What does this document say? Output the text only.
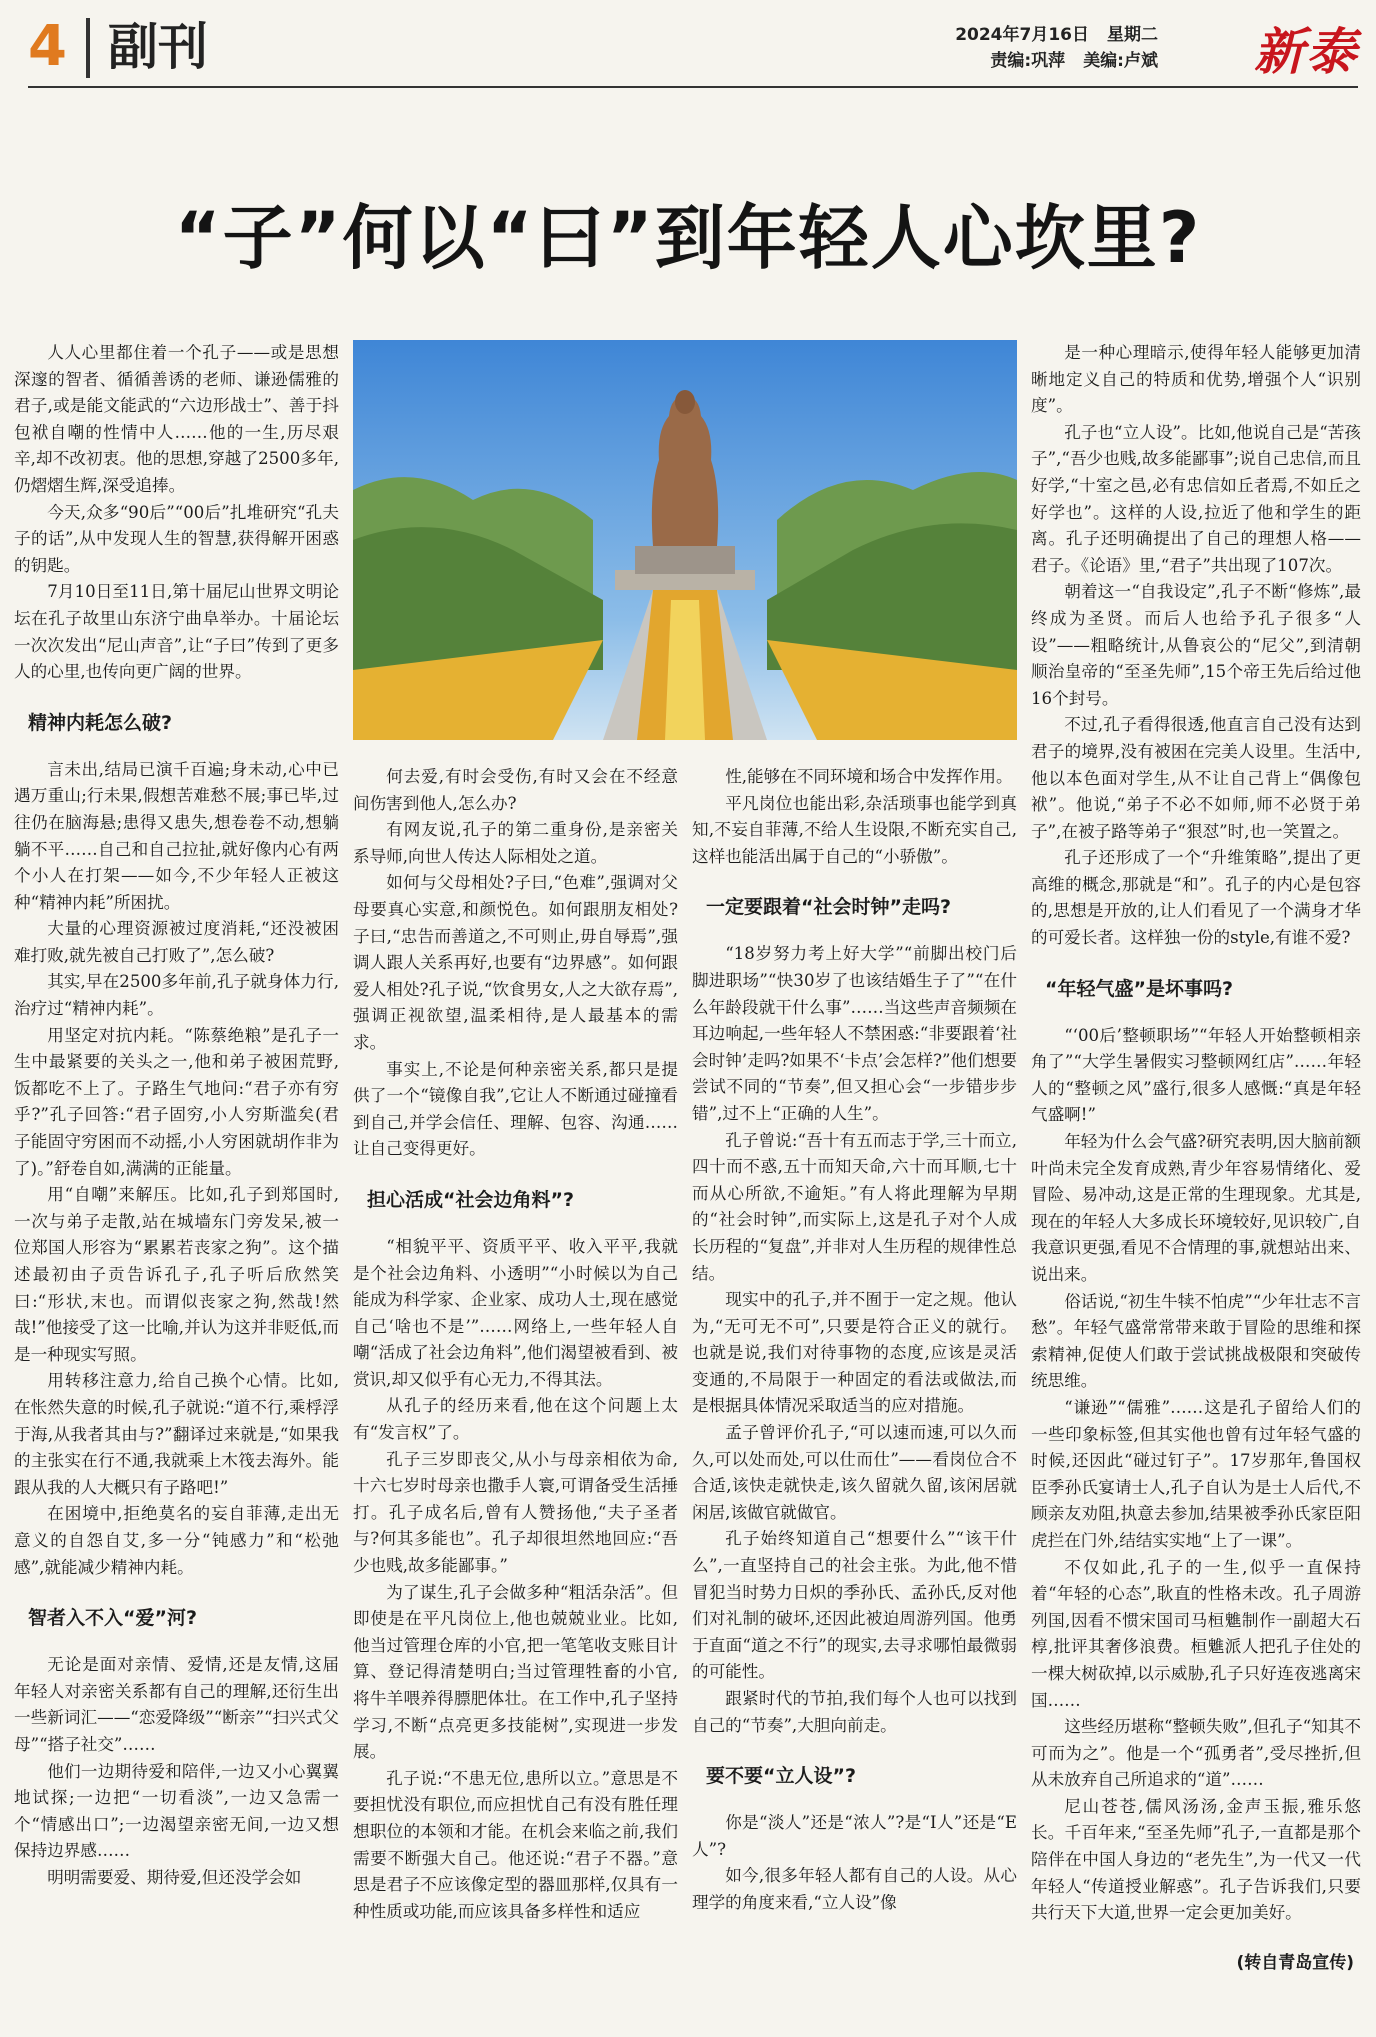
4 副刊	2024年7月16日 星期二
责编:巩萍 美编:卢斌 新泰
“子”何以“曰”到年轻人心坎里?

人人心里都住着一个孔子——或是思想深邃的智者、循循善诱的老师、谦逊儒雅的君子,或是能文能武的“六边形战士”、善于抖包袱自嘲的性情中人……他的一生,历尽艰辛,却不改初衷。他的思想,穿越了2500多年,仍熠熠生辉,深受追捧。

今天,众多“90后”“00后”扎堆研究“孔夫子的话”,从中发现人生的智慧,获得解开困惑的钥匙。

7月10日至11日,第十届尼山世界文明论坛在孔子故里山东济宁曲阜举办。十届论坛一次次发出“尼山声音”,让“子曰”传到了更多人的心里,也传向更广阔的世界。

精神内耗怎么破?

言未出,结局已演千百遍;身未动,心中已遇万重山;行未果,假想苦难愁不展;事已毕,过往仍在脑海悬;患得又患失,想卷卷不动,想躺躺不平……自己和自己拉扯,就好像内心有两个小人在打架——如今,不少年轻人正被这种“精神内耗”所困扰。

大量的心理资源被过度消耗,“还没被困难打败,就先被自己打败了”,怎么破?

其实,早在2500多年前,孔子就身体力行,治疗过“精神内耗”。

用坚定对抗内耗。“陈蔡绝粮”是孔子一生中最紧要的关头之一,他和弟子被困荒野,饭都吃不上了。子路生气地问:“君子亦有穷乎?”孔子回答:“君子固穷,小人穷斯滥矣(君子能固守穷困而不动摇,小人穷困就胡作非为了)。”舒卷自如,满满的正能量。

用“自嘲”来解压。比如,孔子到郑国时,一次与弟子走散,站在城墙东门旁发呆,被一位郑国人形容为“累累若丧家之狗”。这个描述最初由子贡告诉孔子,孔子听后欣然笑曰:“形状,末也。而谓似丧家之狗,然哉!然哉!”他接受了这一比喻,并认为这并非贬低,而是一种现实写照。

用转移注意力,给自己换个心情。比如,在怅然失意的时候,孔子就说:“道不行,乘桴浮于海,从我者其由与?”翻译过来就是,“如果我的主张实在行不通,我就乘上木筏去海外。能跟从我的人大概只有子路吧!”

在困境中,拒绝莫名的妄自菲薄,走出无意义的自怨自艾,多一分“钝感力”和“松弛感”,就能减少精神内耗。

智者入不入“爱”河?

无论是面对亲情、爱情,还是友情,这届年轻人对亲密关系都有自己的理解,还衍生出一些新词汇——“恋爱降级”“断亲”“扫兴式父母”“搭子社交”……

他们一边期待爱和陪伴,一边又小心翼翼地试探;一边把“一切看淡”,一边又急需一个“情感出口”;一边渴望亲密无间,一边又想保持边界感……

明明需要爱、期待爱,但还没学会如

何去爱,有时会受伤,有时又会在不经意间伤害到他人,怎么办?

有网友说,孔子的第二重身份,是亲密关系导师,向世人传达人际相处之道。

如何与父母相处?子曰,“色难”,强调对父母要真心实意,和颜悦色。如何跟朋友相处?子曰,“忠告而善道之,不可则止,毋自辱焉”,强调人跟人关系再好,也要有“边界感”。如何跟爱人相处?孔子说,“饮食男女,人之大欲存焉”,强调正视欲望,温柔相待,是人最基本的需求。

事实上,不论是何种亲密关系,都只是提供了一个“镜像自我”,它让人不断通过碰撞看到自己,并学会信任、理解、包容、沟通……让自己变得更好。

担心活成“社会边角料”?

“相貌平平、资质平平、收入平平,我就是个社会边角料、小透明”“小时候以为自己能成为科学家、企业家、成功人士,现在感觉自己‘啥也不是’”……网络上,一些年轻人自嘲“活成了社会边角料”,他们渴望被看到、被赏识,却又似乎有心无力,不得其法。

从孔子的经历来看,他在这个问题上太有“发言权”了。

孔子三岁即丧父,从小与母亲相依为命,十六七岁时母亲也撒手人寰,可谓备受生活捶打。孔子成名后,曾有人赞扬他,“夫子圣者与?何其多能也”。孔子却很坦然地回应:“吾少也贱,故多能鄙事。”

为了谋生,孔子会做多种“粗活杂活”。但即使是在平凡岗位上,他也兢兢业业。比如,他当过管理仓库的小官,把一笔笔收支账目计算、登记得清楚明白;当过管理牲畜的小官,将牛羊喂养得膘肥体壮。在工作中,孔子坚持学习,不断“点亮更多技能树”,实现进一步发展。

孔子说:“不患无位,患所以立。”意思是不要担忧没有职位,而应担忧自己有没有胜任理想职位的本领和才能。在机会来临之前,我们需要不断强大自己。他还说:“君子不器。”意思是君子不应该像定型的器皿那样,仅具有一种性质或功能,而应该具备多样性和适应

性,能够在不同环境和场合中发挥作用。

平凡岗位也能出彩,杂活琐事也能学到真知,不妄自菲薄,不给人生设限,不断充实自己,这样也能活出属于自己的“小骄傲”。

一定要跟着“社会时钟”走吗?

“18岁努力考上好大学”“前脚出校门后脚进职场”“快30岁了也该结婚生子了”“在什么年龄段就干什么事”……当这些声音频频在耳边响起,一些年轻人不禁困惑:“非要跟着‘社会时钟’走吗?如果不‘卡点’会怎样?”他们想要尝试不同的“节奏”,但又担心会“一步错步步错”,过不上“正确的人生”。

孔子曾说:“吾十有五而志于学,三十而立,四十而不惑,五十而知天命,六十而耳顺,七十而从心所欲,不逾矩。”有人将此理解为早期的“社会时钟”,而实际上,这是孔子对个人成长历程的“复盘”,并非对人生历程的规律性总结。

现实中的孔子,并不囿于一定之规。他认为,“无可无不可”,只要是符合正义的就行。也就是说,我们对待事物的态度,应该是灵活变通的,不局限于一种固定的看法或做法,而是根据具体情况采取适当的应对措施。

孟子曾评价孔子,“可以速而速,可以久而久,可以处而处,可以仕而仕”——看岗位合不合适,该快走就快走,该久留就久留,该闲居就闲居,该做官就做官。

孔子始终知道自己“想要什么”“该干什么”,一直坚持自己的社会主张。为此,他不惜冒犯当时势力日炽的季孙氏、孟孙氏,反对他们对礼制的破坏,还因此被迫周游列国。他勇于直面“道之不行”的现实,去寻求哪怕最微弱的可能性。

跟紧时代的节拍,我们每个人也可以找到自己的“节奏”,大胆向前走。

要不要“立人设”?

你是“淡人”还是“浓人”?是“I人”还是“E人”?

如今,很多年轻人都有自己的人设。从心理学的角度来看,“立人设”像

是一种心理暗示,使得年轻人能够更加清晰地定义自己的特质和优势,增强个人“识别度”。

孔子也“立人设”。比如,他说自己是“苦孩子”,“吾少也贱,故多能鄙事”;说自己忠信,而且好学,“十室之邑,必有忠信如丘者焉,不如丘之好学也”。这样的人设,拉近了他和学生的距离。孔子还明确提出了自己的理想人格——君子。《论语》里,“君子”共出现了107次。

朝着这一“自我设定”,孔子不断“修炼”,最终成为圣贤。而后人也给予孔子很多“人设”——粗略统计,从鲁哀公的“尼父”,到清朝顺治皇帝的“至圣先师”,15个帝王先后给过他16个封号。

不过,孔子看得很透,他直言自己没有达到君子的境界,没有被困在完美人设里。生活中,他以本色面对学生,从不让自己背上“偶像包袱”。他说,“弟子不必不如师,师不必贤于弟子”,在被子路等弟子“狠怼”时,也一笑置之。

孔子还形成了一个“升维策略”,提出了更高维的概念,那就是“和”。孔子的内心是包容的,思想是开放的,让人们看见了一个满身才华的可爱长者。这样独一份的style,有谁不爱?

“年轻气盛”是坏事吗?

“‘00后’整顿职场”“年轻人开始整顿相亲角了”“大学生暑假实习整顿网红店”……年轻人的“整顿之风”盛行,很多人感慨:“真是年轻气盛啊!”

年轻为什么会气盛?研究表明,因大脑前额叶尚未完全发育成熟,青少年容易情绪化、爱冒险、易冲动,这是正常的生理现象。尤其是,现在的年轻人大多成长环境较好,见识较广,自我意识更强,看见不合情理的事,就想站出来、说出来。

俗话说,“初生牛犊不怕虎”“少年壮志不言愁”。年轻气盛常常带来敢于冒险的思维和探索精神,促使人们敢于尝试挑战极限和突破传统思维。

“谦逊”“儒雅”……这是孔子留给人们的一些印象标签,但其实他也曾有过年轻气盛的时候,还因此“碰过钉子”。17岁那年,鲁国权臣季孙氏宴请士人,孔子自认为是士人后代,不顾亲友劝阻,执意去参加,结果被季孙氏家臣阳虎拦在门外,结结实实地“上了一课”。

不仅如此,孔子的一生,似乎一直保持着“年轻的心态”,耿直的性格未改。孔子周游列国,因看不惯宋国司马桓魋制作一副超大石椁,批评其奢侈浪费。桓魋派人把孔子住处的一棵大树砍掉,以示威胁,孔子只好连夜逃离宋国……

这些经历堪称“整顿失败”,但孔子“知其不可而为之”。他是一个“孤勇者”,受尽挫折,但从未放弃自己所追求的“道”……

尼山苍苍,儒风汤汤,金声玉振,雅乐悠长。千百年来,“至圣先师”孔子,一直都是那个陪伴在中国人身边的“老先生”,为一代又一代年轻人“传道授业解惑”。孔子告诉我们,只要共行天下大道,世界一定会更加美好。

(转自青岛宣传)
